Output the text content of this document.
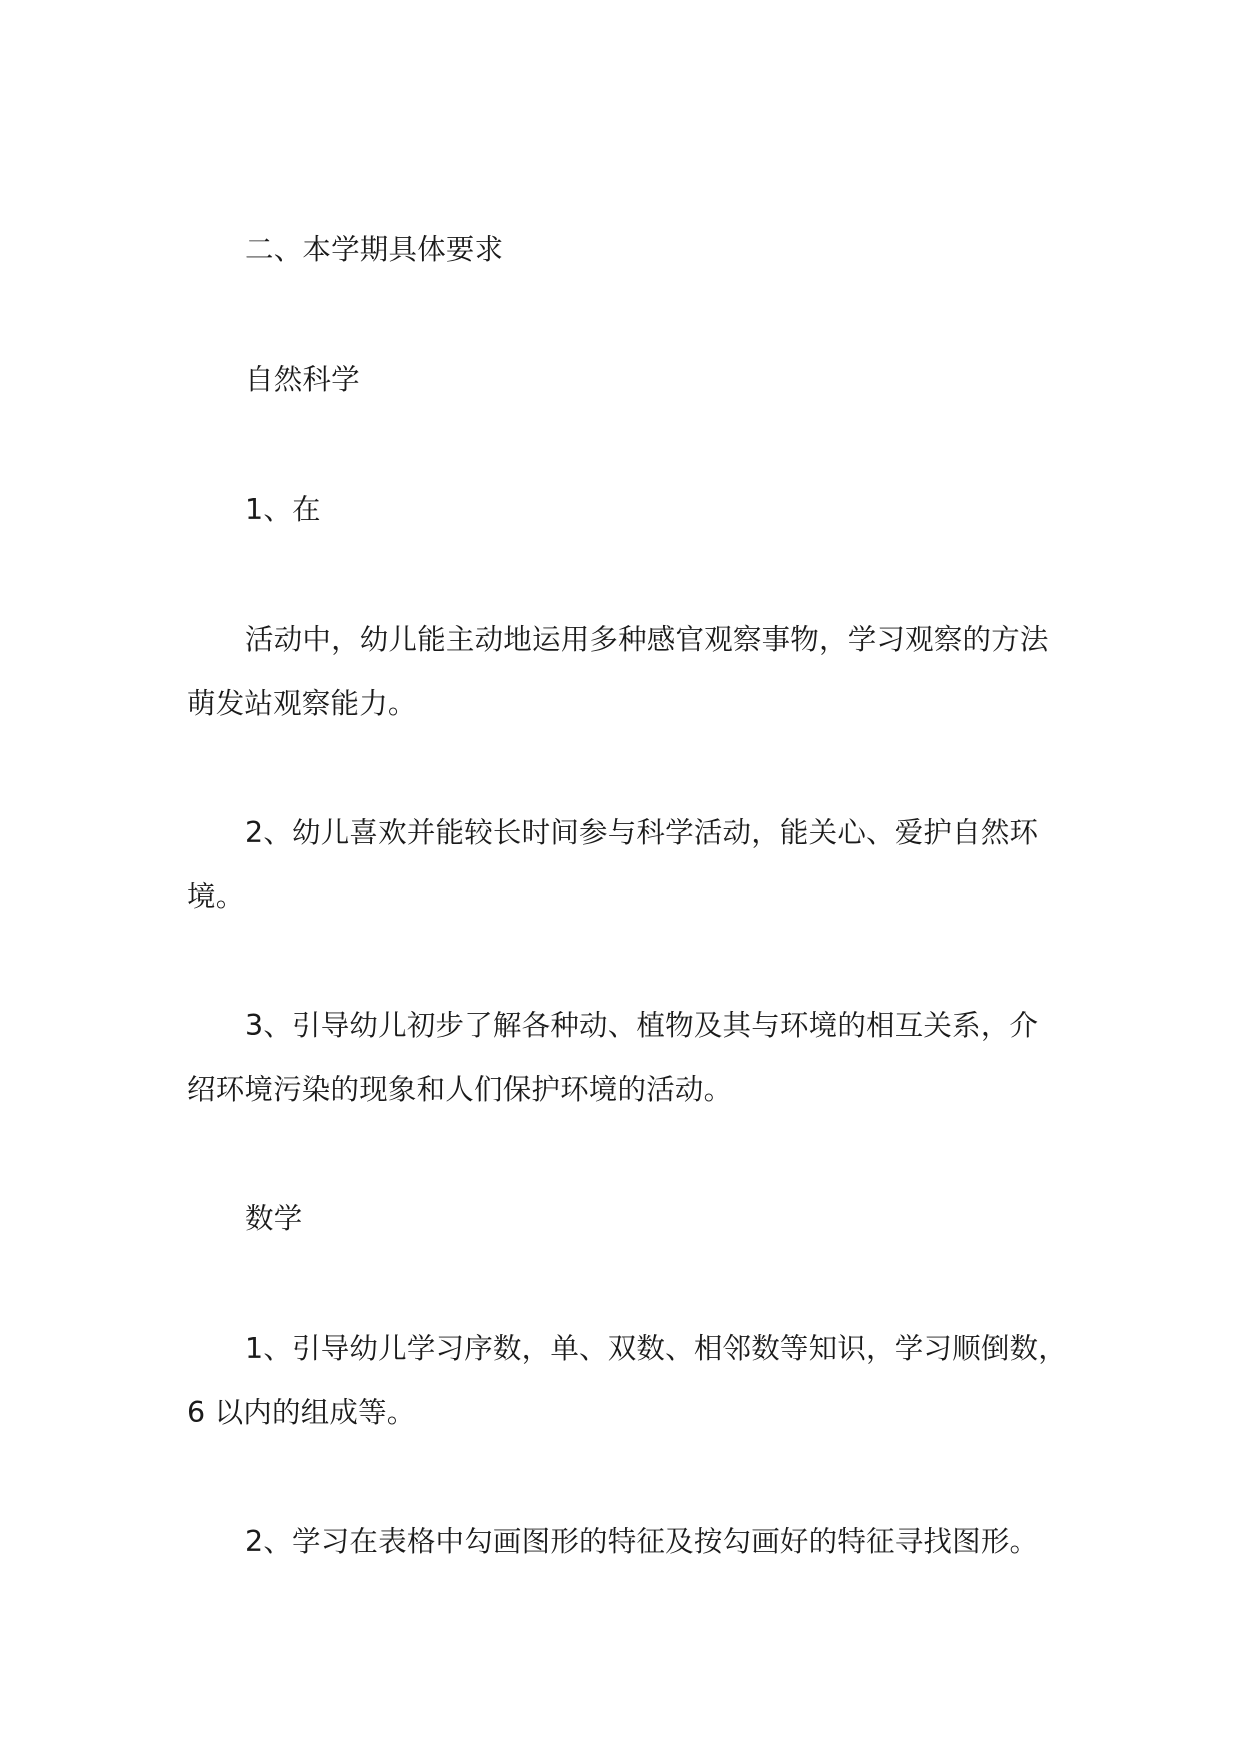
二、本学期具体要求
自然科学
1、在
活动中，幼儿能主动地运用多种感官观察事物，学习观察的方法
萌发站观察能力。
2、幼儿喜欢并能较长时间参与科学活动，能关心、爱护自然环
境。
3、引导幼儿初步了解各种动、植物及其与环境的相互关系，介
绍环境污染的现象和人们保护环境的活动。
数学
1、引导幼儿学习序数，单、双数、相邻数等知识，学习顺倒数，
6 以内的组成等。
2、学习在表格中勾画图形的特征及按勾画好的特征寻找图形。
